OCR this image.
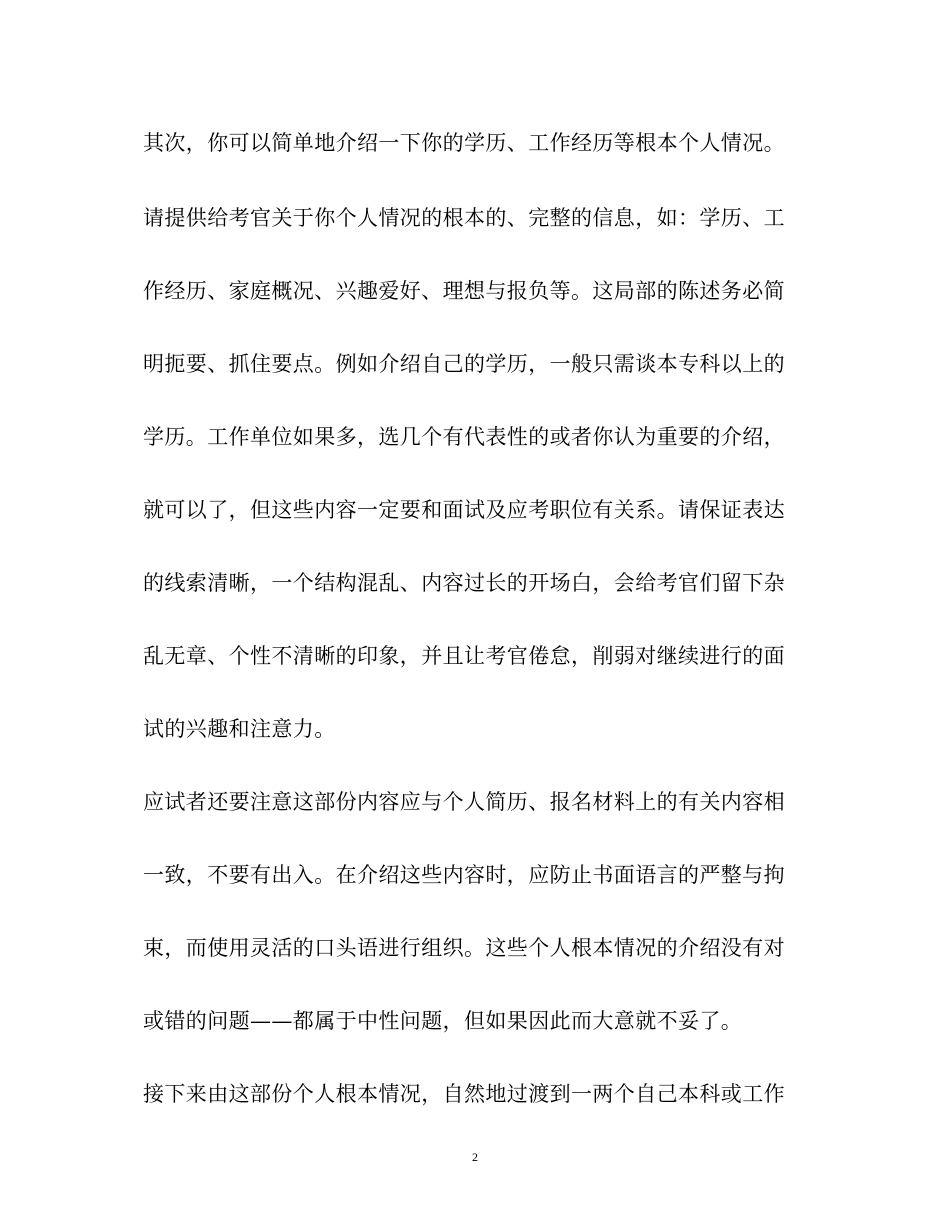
其次，你可以简单地介绍一下你的学历、工作经历等根本个人情况。
请提供给考官关于你个人情况的根本的、完整的信息，如：学历、工
作经历、家庭概况、兴趣爱好、理想与报负等。这局部的陈述务必简
明扼要、抓住要点。例如介绍自己的学历，一般只需谈本专科以上的
学历。工作单位如果多，选几个有代表性的或者你认为重要的介绍，
就可以了，但这些内容一定要和面试及应考职位有关系。请保证表达
的线索清晰，一个结构混乱、内容过长的开场白，会给考官们留下杂
乱无章、个性不清晰的印象，并且让考官倦怠，削弱对继续进行的面
试的兴趣和注意力。
应试者还要注意这部份内容应与个人简历、报名材料上的有关内容相
一致，不要有出入。在介绍这些内容时，应防止书面语言的严整与拘
束，而使用灵活的口头语进行组织。这些个人根本情况的介绍没有对
或错的问题——都属于中性问题，但如果因此而大意就不妥了。
接下来由这部份个人根本情况，自然地过渡到一两个自己本科或工作
2
